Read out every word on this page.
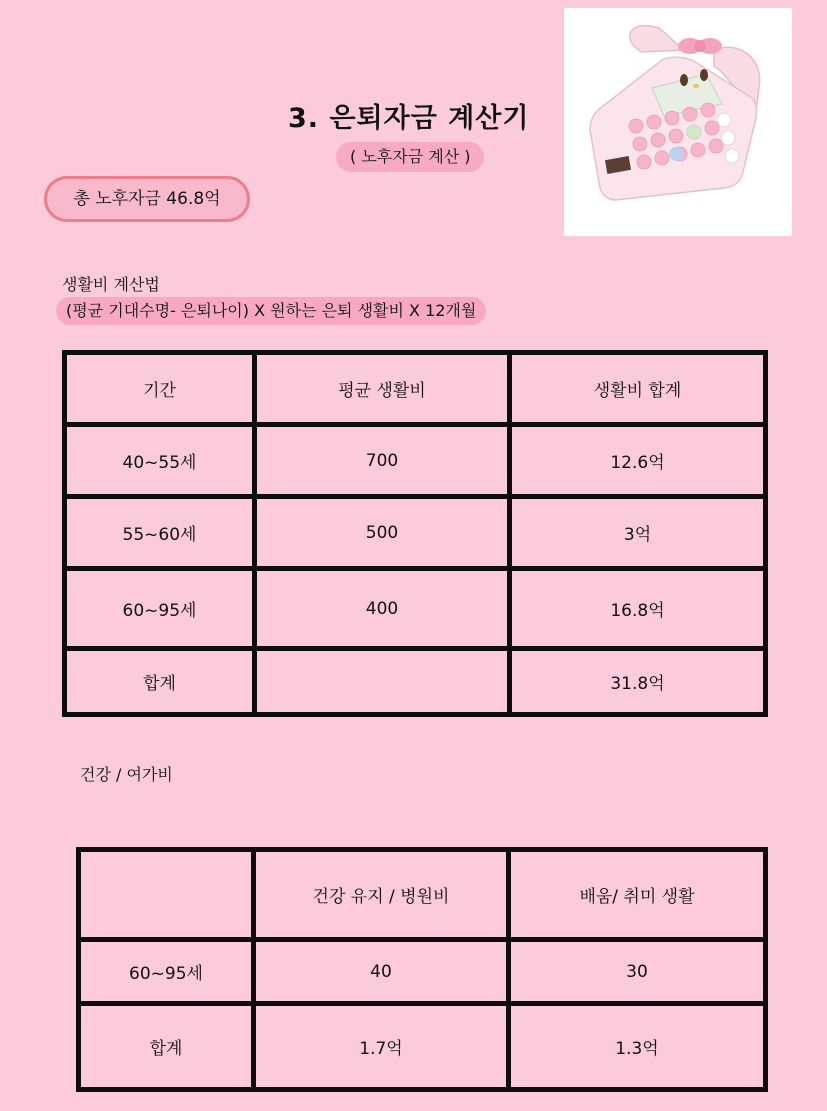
3. 은퇴자금 계산기
( 노후자금 계산 )
총 노후자금 46.8억
생활비 계산법
(평균 기대수명- 은퇴나이) X 원하는 은퇴 생활비 X 12개월
기간	평균 생활비	생활비 합계
40~55세	700	12.6억
55~60세	500	3억
60~95세	400	16.8억
합계		31.8억
건강 / 여가비
	건강 유지 / 병원비	배움/ 취미 생활
60~95세	40	30
합계	1.7억	1.3억
